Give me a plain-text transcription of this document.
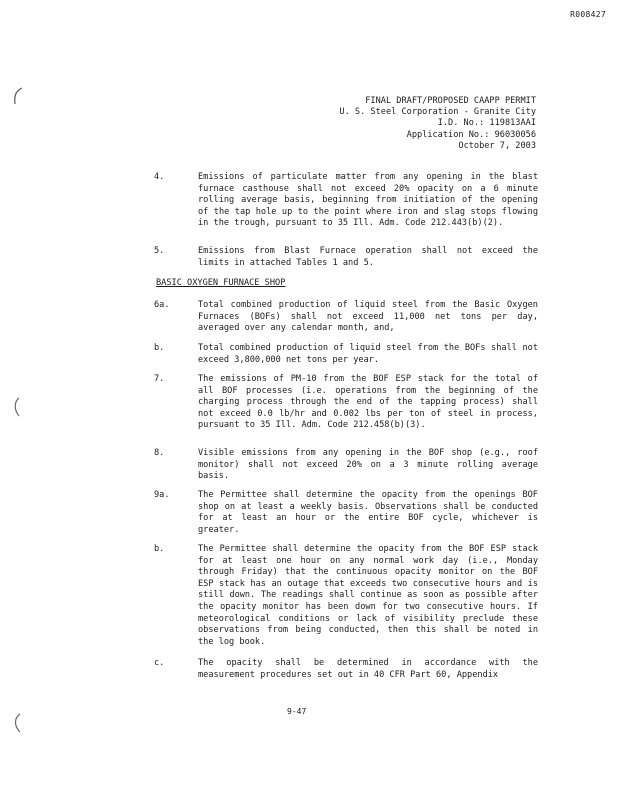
R008427
FINAL DRAFT/PROPOSED CAAPP PERMIT
U. S. Steel Corporation - Granite City
I.D. No.: 119813AAI
Application No.: 96030056
October 7, 2003
4.	Emissions of particulate matter from any opening in the blast furnace casthouse shall not exceed 20% opacity on a 6 minute rolling average basis, beginning from initiation of the opening of the tap hole up to the point where iron and slag stops flowing in the trough, pursuant to 35 Ill. Adm. Code 212.443(b)(2).
5.	Emissions from Blast Furnace operation shall not exceed the limits in attached Tables 1 and 5.
BASIC OXYGEN FURNACE SHOP
6a.	Total combined production of liquid steel from the Basic Oxygen Furnaces (BOFs) shall not exceed 11,000 net tons per day, averaged over any calendar month, and,
b.	Total combined production of liquid steel from the BOFs shall not exceed 3,800,000 net tons per year.
7.	The emissions of PM-10 from the BOF ESP stack for the total of all BOF processes (i.e. operations from the beginning of the charging process through the end of the tapping process) shall not exceed 0.0 lb/hr and 0.002 lbs per ton of steel in process, pursuant to 35 Ill. Adm. Code 212.458(b)(3).
8.	Visible emissions from any opening in the BOF shop (e.g., roof monitor) shall not exceed 20% on a 3 minute rolling average basis.
9a.	The Permittee shall determine the opacity from the openings BOF shop on at least a weekly basis. Observations shall be conducted for at least an hour or the entire BOF cycle, whichever is greater.
b.	The Permittee shall determine the opacity from the BOF ESP stack for at least one hour on any normal work day (i.e., Monday through Friday) that the continuous opacity monitor on the BOF ESP stack has an outage that exceeds two consecutive hours and is still down. The readings shall continue as soon as possible after the opacity monitor has been down for two consecutive hours. If meteorological conditions or lack of visibility preclude these observations from being conducted, then this shall be noted in the log book.
c.	The opacity shall be determined in accordance with the measurement procedures set out in 40 CFR Part 60, Appendix
9-47
